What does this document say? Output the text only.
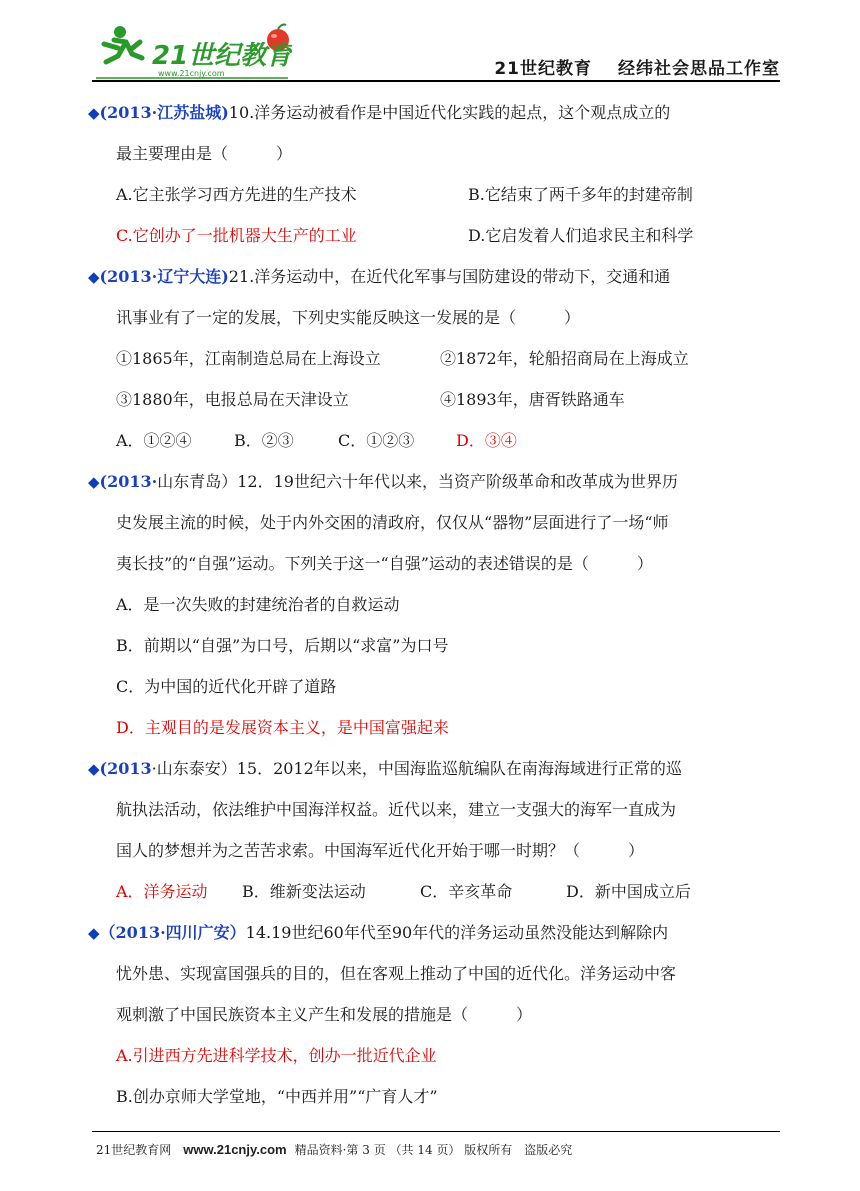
21世纪教育
www.21cnjy.com	21世纪教育 经纬社会思品工作室
◆(2013·江苏盐城)10.洋务运动被看作是中国近代化实践的起点，这个观点成立的
最主要理由是（　　　）
A.它主张学习西方先进的生产技术	B.它结束了两千多年的封建帝制
C.它创办了一批机器大生产的工业	D.它启发着人们追求民主和科学
◆(2013·辽宁大连)21.洋务运动中，在近代化军事与国防建设的带动下，交通和通
讯事业有了一定的发展，下列史实能反映这一发展的是（　　　）
①1865年，江南制造总局在上海设立	②1872年，轮船招商局在上海成立
③1880年，电报总局在天津设立	④1893年，唐胥铁路通车
A．①②④	B．②③	C．①②③	D．③④
◆(2013·山东青岛）12．19世纪六十年代以来，当资产阶级革命和改革成为世界历
史发展主流的时候，处于内外交困的清政府，仅仅从“器物”层面进行了一场“师
夷长技”的“自强”运动。下列关于这一“自强”运动的表述错误的是（　　　）
A．是一次失败的封建统治者的自救运动
B．前期以“自强”为口号，后期以“求富”为口号
C．为中国的近代化开辟了道路
D．主观目的是发展资本主义，是中国富强起来
◆(2013·山东泰安）15．2012年以来，中国海监巡航编队在南海海域进行正常的巡
航执法活动，依法维护中国海洋权益。近代以来，建立一支强大的海军一直成为
国人的梦想并为之苦苦求索。中国海军近代化开始于哪一时期？（　　　）
A．洋务运动 B．维新变法运动	C．辛亥革命	D．新中国成立后
◆（2013·四川广安）14.19世纪60年代至90年代的洋务运动虽然没能达到解除内
忧外患、实现富国强兵的目的，但在客观上推动了中国的近代化。洋务运动中客
观刺激了中国民族资本主义产生和发展的措施是（　　　）
A.引进西方先进科学技术，创办一批近代企业
B.创办京师大学堂地，“中西并用”“广育人才”
21世纪教育网 www.21cnjy.com 精品资料·第 3 页 （共 14 页） 版权所有　盗版必究
